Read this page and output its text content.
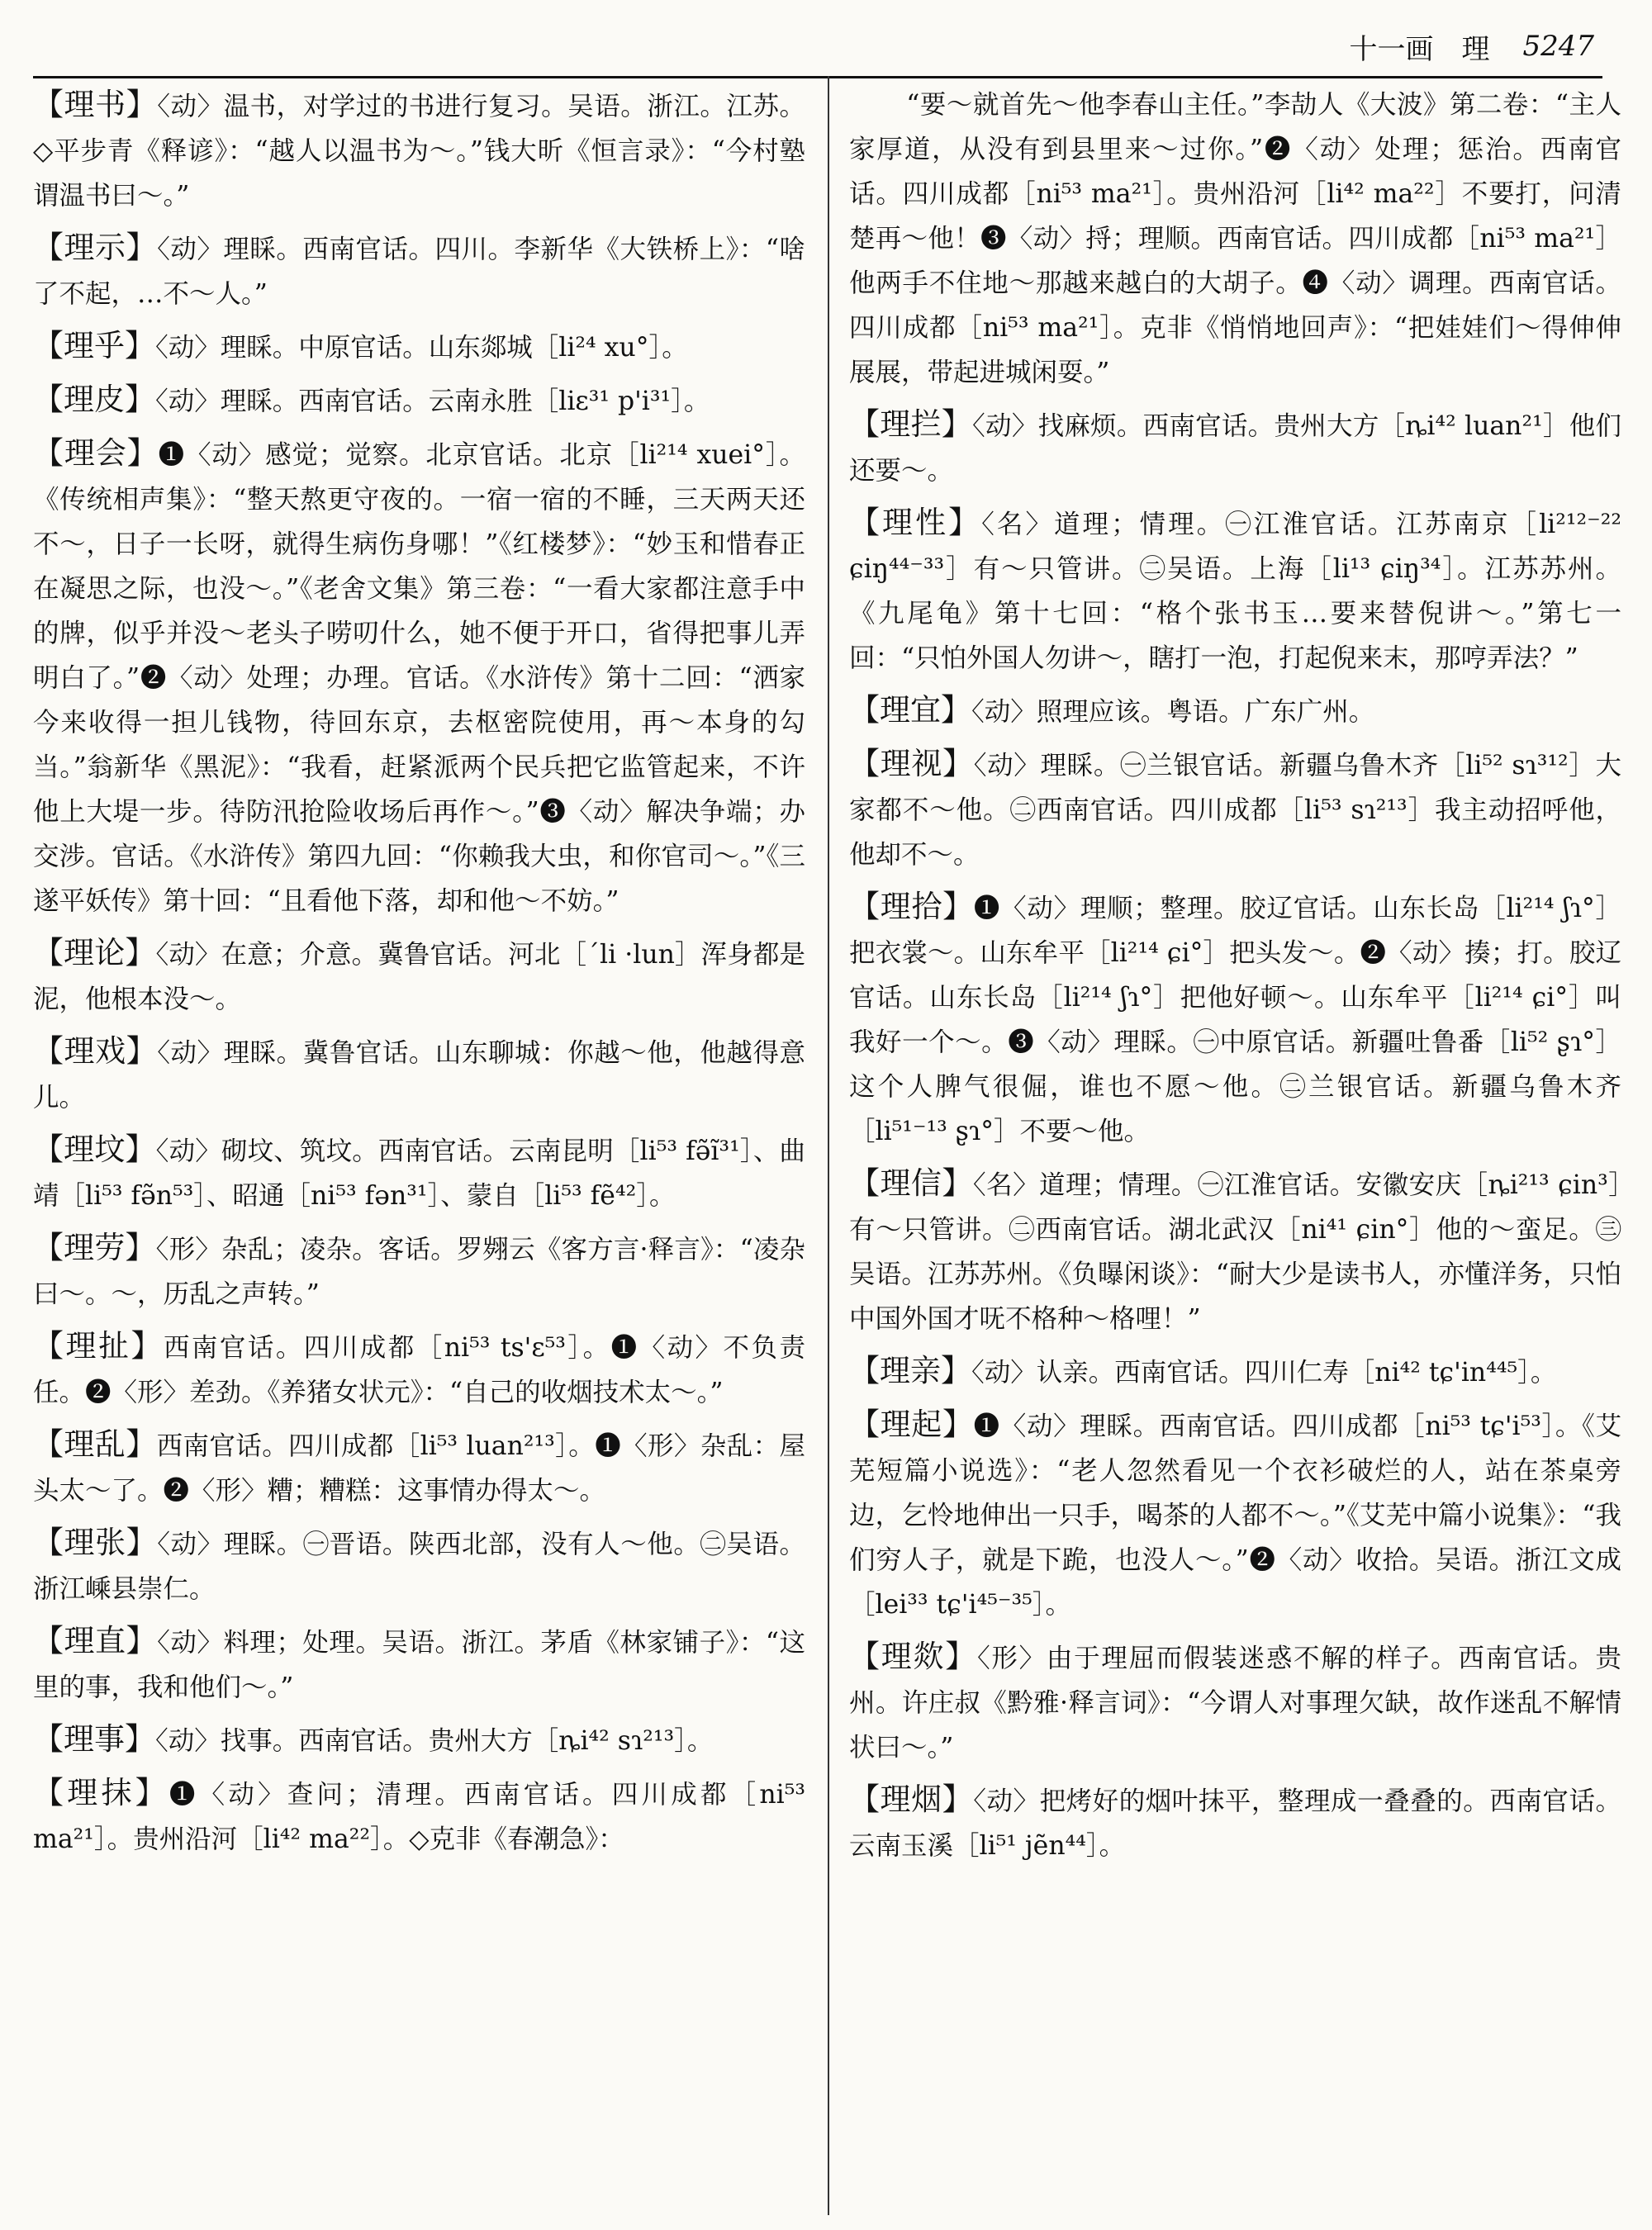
十一画　理 5247

【理书】〈动〉温书，对学过的书进行复习。吴语。浙江。江苏。◇平步青《释谚》：“越人以温书为～。”钱大昕《恒言录》：“今村塾谓温书曰～。”

【理示】〈动〉理睬。西南官话。四川。李新华《大铁桥上》：“啥了不起，…不～人。”

【理乎】〈动〉理睬。中原官话。山东郯城［li²⁴ xu°］。

【理皮】〈动〉理睬。西南官话。云南永胜［liε³¹ p'i³¹］。

【理会】❶〈动〉感觉；觉察。北京官话。北京［li²¹⁴ xuei°］。《传统相声集》：“整天熬更守夜的。一宿一宿的不睡，三天两天还不～，日子一长呀，就得生病伤身哪！”《红楼梦》：“妙玉和惜春正在凝思之际，也没～。”《老舍文集》第三卷：“一看大家都注意手中的牌，似乎并没～老头子唠叨什么，她不便于开口，省得把事儿弄明白了。”❷〈动〉处理；办理。官话。《水浒传》第十二回：“洒家今来收得一担儿钱物，待回东京，去枢密院使用，再～本身的勾当。”翁新华《黑泥》：“我看，赶紧派两个民兵把它监管起来，不许他上大堤一步。待防汛抢险收场后再作～。”❸〈动〉解决争端；办交涉。官话。《水浒传》第四九回：“你赖我大虫，和你官司～。”《三遂平妖传》第十回：“且看他下落，却和他～不妨。”

【理论】〈动〉在意；介意。冀鲁官话。河北［ˊli ·lun］浑身都是泥，他根本没～。

【理戏】〈动〉理睬。冀鲁官话。山东聊城：你越～他，他越得意儿。

【理坟】〈动〉砌坟、筑坟。西南官话。云南昆明［li⁵³ fə̃ĩ³¹］、曲靖［li⁵³ fə̃n⁵³］、昭通［ni⁵³ fən³¹］、蒙自［li⁵³ fẽ⁴²］。

【理劳】〈形〉杂乱；凌杂。客话。罗翙云《客方言·释言》：“凌杂曰～。～，历乱之声转。”

【理扯】西南官话。四川成都［ni⁵³ ts'ε⁵³］。❶〈动〉不负责任。❷〈形〉差劲。《养猪女状元》：“自己的收烟技术太～。”

【理乱】西南官话。四川成都［li⁵³ luan²¹³］。❶〈形〉杂乱：屋头太～了。❷〈形〉糟；糟糕：这事情办得太～。

【理张】〈动〉理睬。㊀晋语。陕西北部，没有人～他。㊁吴语。浙江嵊县崇仁。

【理直】〈动〉料理；处理。吴语。浙江。茅盾《林家铺子》：“这里的事，我和他们～。”

【理事】〈动〉找事。西南官话。贵州大方［ȵi⁴² sɿ²¹³］。

【理抹】❶〈动〉查问；清理。西南官话。四川成都［ni⁵³ ma²¹］。贵州沿河［li⁴² ma²²］。◇克非《春潮急》：

“要～就首先～他李春山主任。”李劼人《大波》第二卷：“主人家厚道，从没有到县里来～过你。”❷〈动〉处理；惩治。西南官话。四川成都［ni⁵³ ma²¹］。贵州沿河［li⁴² ma²²］不要打，问清楚再～他！❸〈动〉捋；理顺。西南官话。四川成都［ni⁵³ ma²¹］他两手不住地～那越来越白的大胡子。❹〈动〉调理。西南官话。四川成都［ni⁵³ ma²¹］。克非《悄悄地回声》：“把娃娃们～得伸伸展展，带起进城闲耍。”

【理拦】〈动〉找麻烦。西南官话。贵州大方［ȵi⁴² luan²¹］他们还要～。

【理性】〈名〉道理；情理。㊀江淮官话。江苏南京［li²¹²⁻²² ɕiŋ⁴⁴⁻³³］有～只管讲。㊁吴语。上海［li¹³ ɕiŋ³⁴］。江苏苏州。《九尾龟》第十七回：“格个张书玉…要来替倪讲～。”第七一回：“只怕外国人勿讲～，瞎打一泡，打起倪来末，那哼弄法？”

【理宜】〈动〉照理应该。粤语。广东广州。

【理视】〈动〉理睬。㊀兰银官话。新疆乌鲁木齐［li⁵² sɿ³¹²］大家都不～他。㊁西南官话。四川成都［li⁵³ sɿ²¹³］我主动招呼他，他却不～。

【理拾】❶〈动〉理顺；整理。胶辽官话。山东长岛［li²¹⁴ ʃɿ°］把衣裳～。山东牟平［li²¹⁴ ɕi°］把头发～。❷〈动〉揍；打。胶辽官话。山东长岛［li²¹⁴ ʃɿ°］把他好顿～。山东牟平［li²¹⁴ ɕi°］叫我好一个～。❸〈动〉理睬。㊀中原官话。新疆吐鲁番［li⁵² ʂɿ°］这个人脾气很倔，谁也不愿～他。㊁兰银官话。新疆乌鲁木齐［li⁵¹⁻¹³ ʂɿ°］不要～他。

【理信】〈名〉道理；情理。㊀江淮官话。安徽安庆［ȵi²¹³ ɕin³］有～只管讲。㊁西南官话。湖北武汉［ni⁴¹ ɕin°］他的～蛮足。㊂吴语。江苏苏州。《负曝闲谈》：“耐大少是读书人，亦懂洋务，只怕中国外国才呒不格种～格哩！”

【理亲】〈动〉认亲。西南官话。四川仁寿［ni⁴² tɕ'in⁴⁴⁵］。

【理起】❶〈动〉理睬。西南官话。四川成都［ni⁵³ tɕ'i⁵³］。《艾芜短篇小说选》：“老人忽然看见一个衣衫破烂的人，站在茶桌旁边，乞怜地伸出一只手，喝茶的人都不～。”《艾芜中篇小说集》：“我们穷人子，就是下跪，也没人～。”❷〈动〉收拾。吴语。浙江文成［lei³³ tɕ'i⁴⁵⁻³⁵］。

【理欻】〈形〉由于理屈而假装迷惑不解的样子。西南官话。贵州。许庄叔《黔雅·释言词》：“今谓人对事理欠缺，故作迷乱不解情状曰～。”

【理烟】〈动〉把烤好的烟叶抹平，整理成一叠叠的。西南官话。云南玉溪［li⁵¹ jẽn⁴⁴］。
